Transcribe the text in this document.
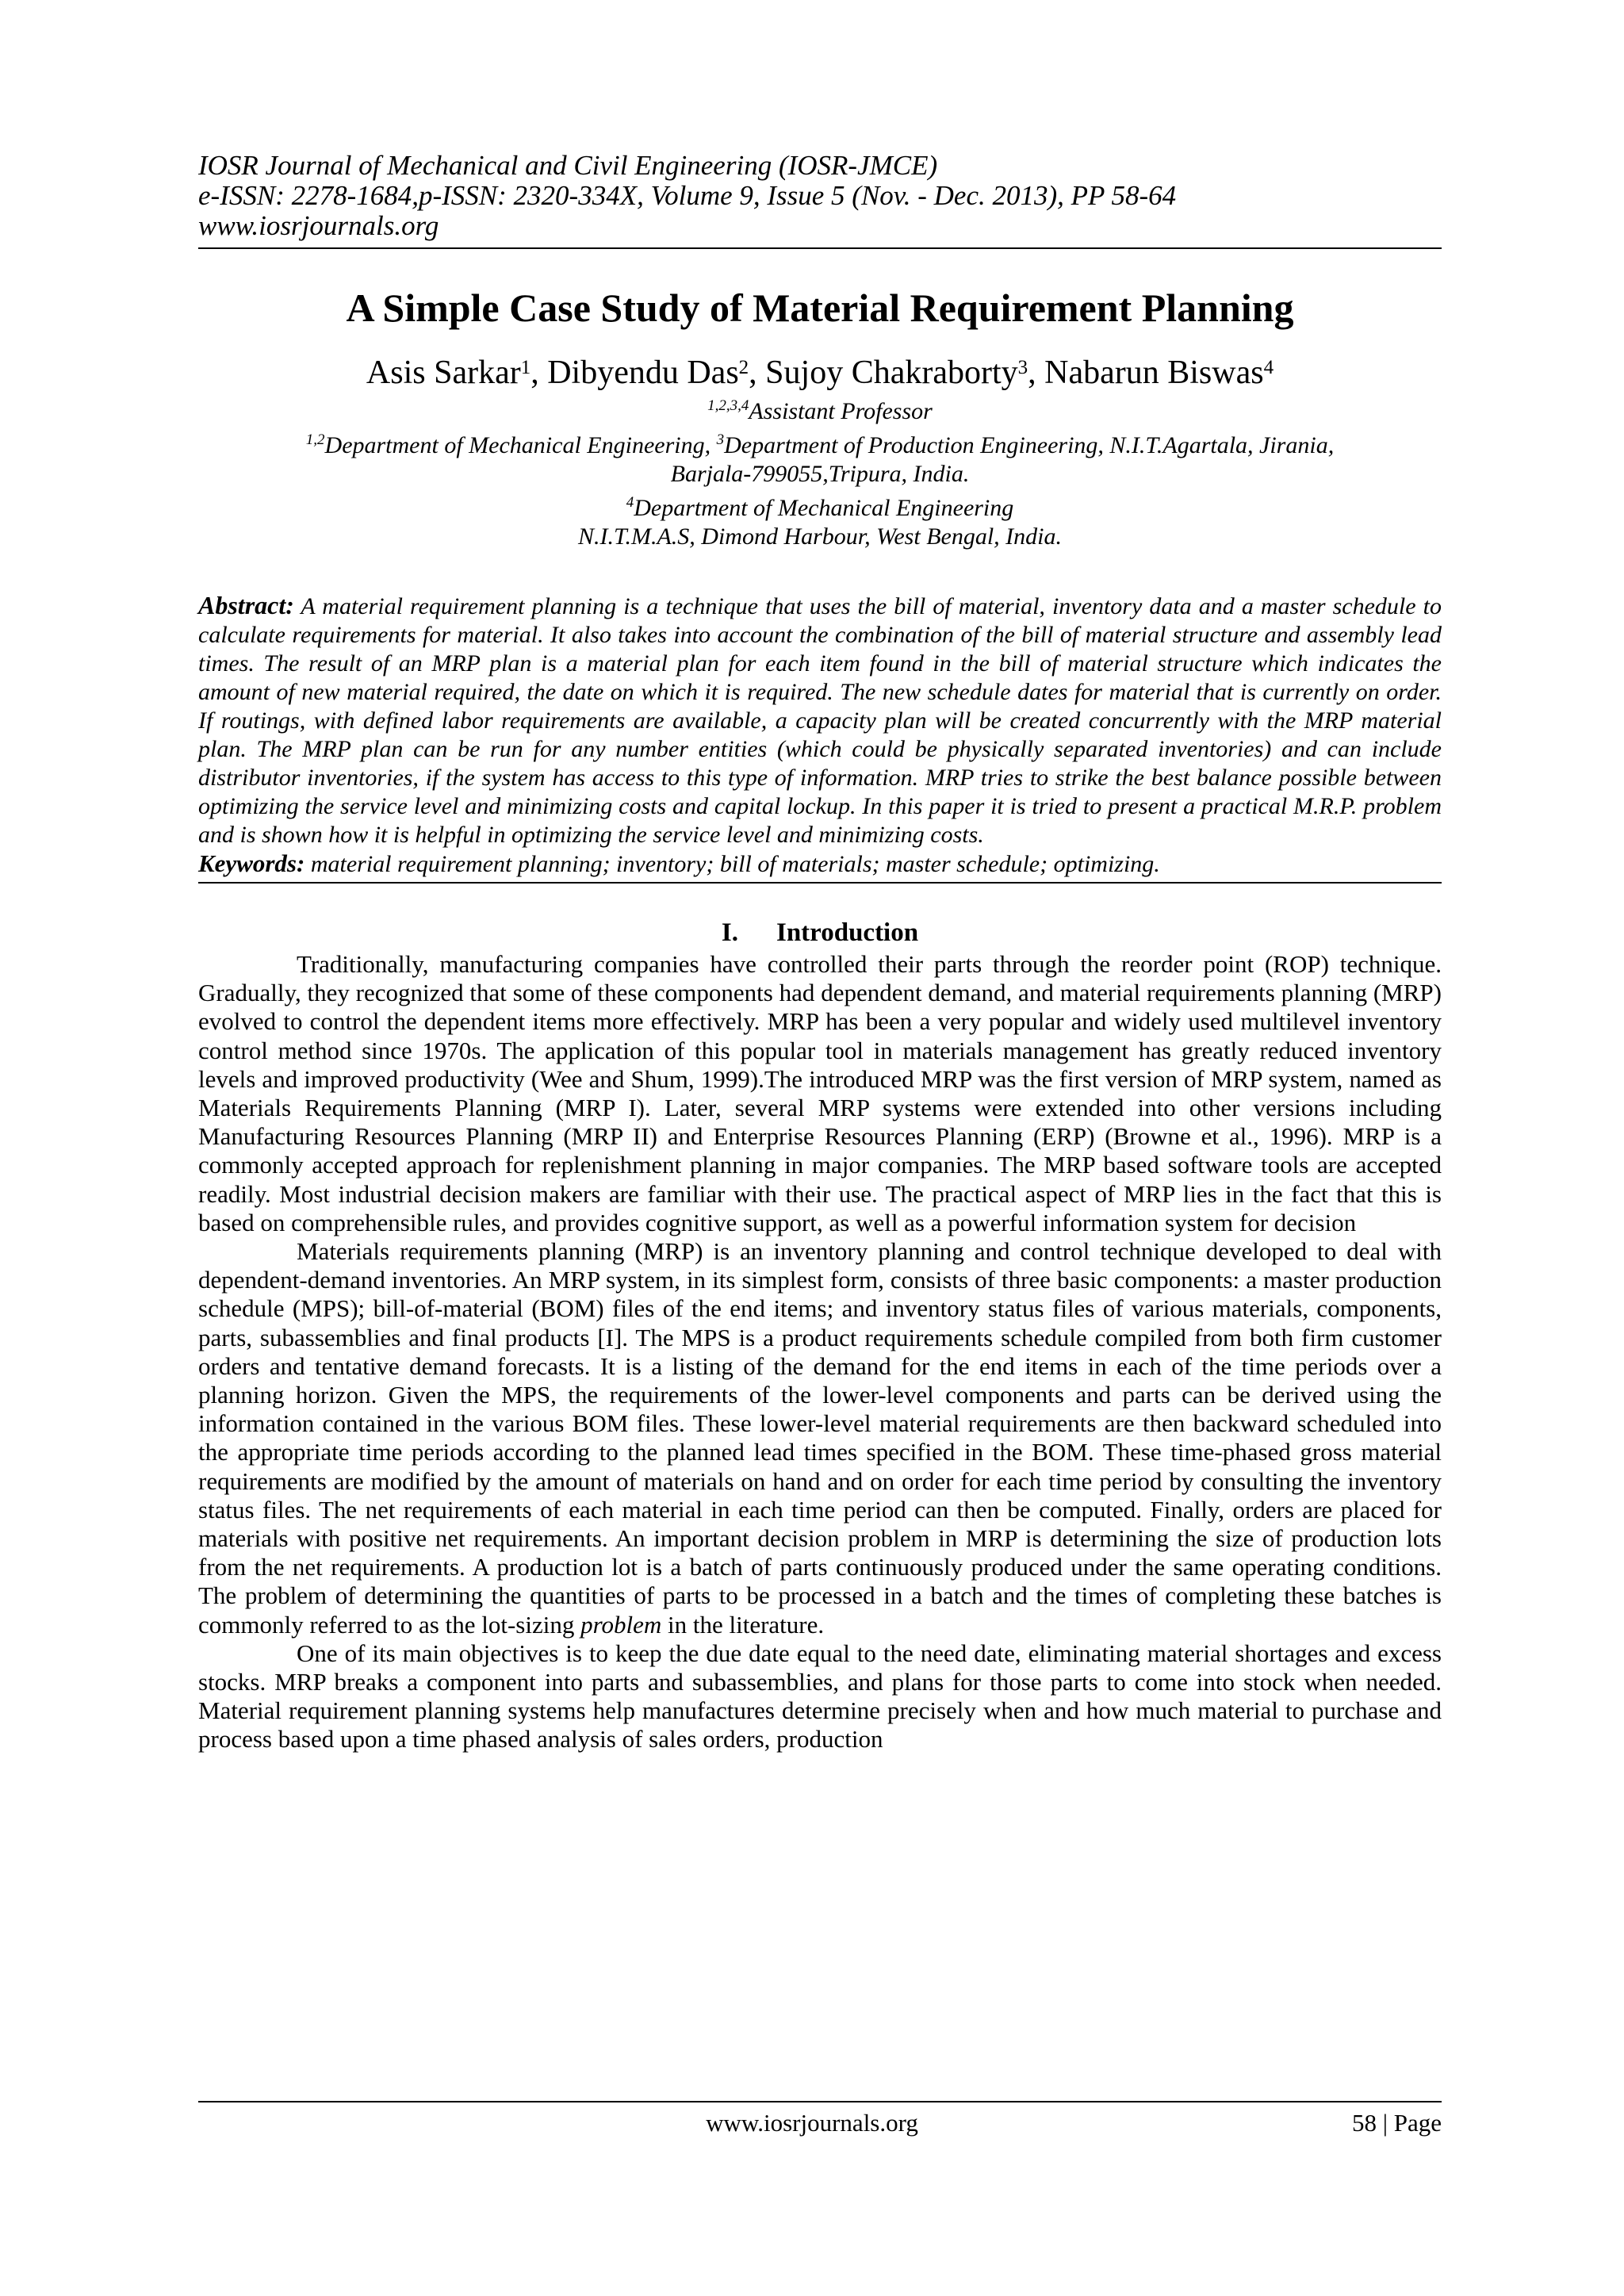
IOSR Journal of Mechanical and Civil Engineering (IOSR-JMCE)
e-ISSN: 2278-1684,p-ISSN: 2320-334X, Volume 9, Issue 5 (Nov. - Dec. 2013), PP 58-64
www.iosrjournals.org
A Simple Case Study of Material Requirement Planning
Asis Sarkar$^1$, Dibyendu Das$^2$, Sujoy Chakraborty$^3$, Nabarun Biswas$^4$
$^{1,2,3,4}$Assistant Professor
$^{1,2}$Department of Mechanical Engineering, $^3$Department of Production Engineering, N.I.T.Agartala, Jirania,
Barjala-799055,Tripura, India.
$^4$Department of Mechanical Engineering
N.I.T.M.A.S, Dimond Harbour, West Bengal, India.
Abstract: A material requirement planning is a technique that uses the bill of material, inventory data and a master schedule to calculate requirements for material. It also takes into account the combination of the bill of material structure and assembly lead times. The result of an MRP plan is a material plan for each item found in the bill of material structure which indicates the amount of new material required, the date on which it is required. The new schedule dates for material that is currently on order. If routings, with defined labor requirements are available, a capacity plan will be created concurrently with the MRP material plan. The MRP plan can be run for any number entities (which could be physically separated inventories) and can include distributor inventories, if the system has access to this type of information. MRP tries to strike the best balance possible between optimizing the service level and minimizing costs and capital lockup. In this paper it is tried to present a practical M.R.P. problem and is shown how it is helpful in optimizing the service level and minimizing costs.
Keywords: material requirement planning; inventory; bill of materials; master schedule; optimizing.
I. Introduction

Traditionally, manufacturing companies have controlled their parts through the reorder point (ROP) technique. Gradually, they recognized that some of these components had dependent demand, and material requirements planning (MRP) evolved to control the dependent items more effectively. MRP has been a very popular and widely used multilevel inventory control method since 1970s. The application of this popular tool in materials management has greatly reduced inventory levels and improved productivity (Wee and Shum, 1999).The introduced MRP was the first version of MRP system, named as Materials Requirements Planning (MRP I). Later, several MRP systems were extended into other versions including Manufacturing Resources Planning (MRP II) and Enterprise Resources Planning (ERP) (Browne et al., 1996). MRP is a commonly accepted approach for replenishment planning in major companies. The MRP based software tools are accepted readily. Most industrial decision makers are familiar with their use. The practical aspect of MRP lies in the fact that this is based on comprehensible rules, and provides cognitive support, as well as a powerful information system for decision

Materials requirements planning (MRP) is an inventory planning and control technique developed to deal with dependent-demand inventories. An MRP system, in its simplest form, consists of three basic components: a master production schedule (MPS); bill-of-material (BOM) files of the end items; and inventory status files of various materials, components, parts, subassemblies and final products [I]. The MPS is a product requirements schedule compiled from both firm customer orders and tentative demand forecasts. It is a listing of the demand for the end items in each of the time periods over a planning horizon. Given the MPS, the requirements of the lower-level components and parts can be derived using the information contained in the various BOM files. These lower-level material requirements are then backward scheduled into the appropriate time periods according to the planned lead times specified in the BOM. These time-phased gross material requirements are modified by the amount of materials on hand and on order for each time period by consulting the inventory status files. The net requirements of each material in each time period can then be computed. Finally, orders are placed for materials with positive net requirements. An important decision problem in MRP is determining the size of production lots from the net requirements. A production lot is a batch of parts continuously produced under the same operating conditions. The problem of determining the quantities of parts to be processed in a batch and the times of completing these batches is commonly referred to as the lot-sizing problem in the literature.

One of its main objectives is to keep the due date equal to the need date, eliminating material shortages and excess stocks. MRP breaks a component into parts and subassemblies, and plans for those parts to come into stock when needed. Material requirement planning systems help manufactures determine precisely when and how much material to purchase and process based upon a time phased analysis of sales orders, production

www.iosrjournals.org	58 | Page
